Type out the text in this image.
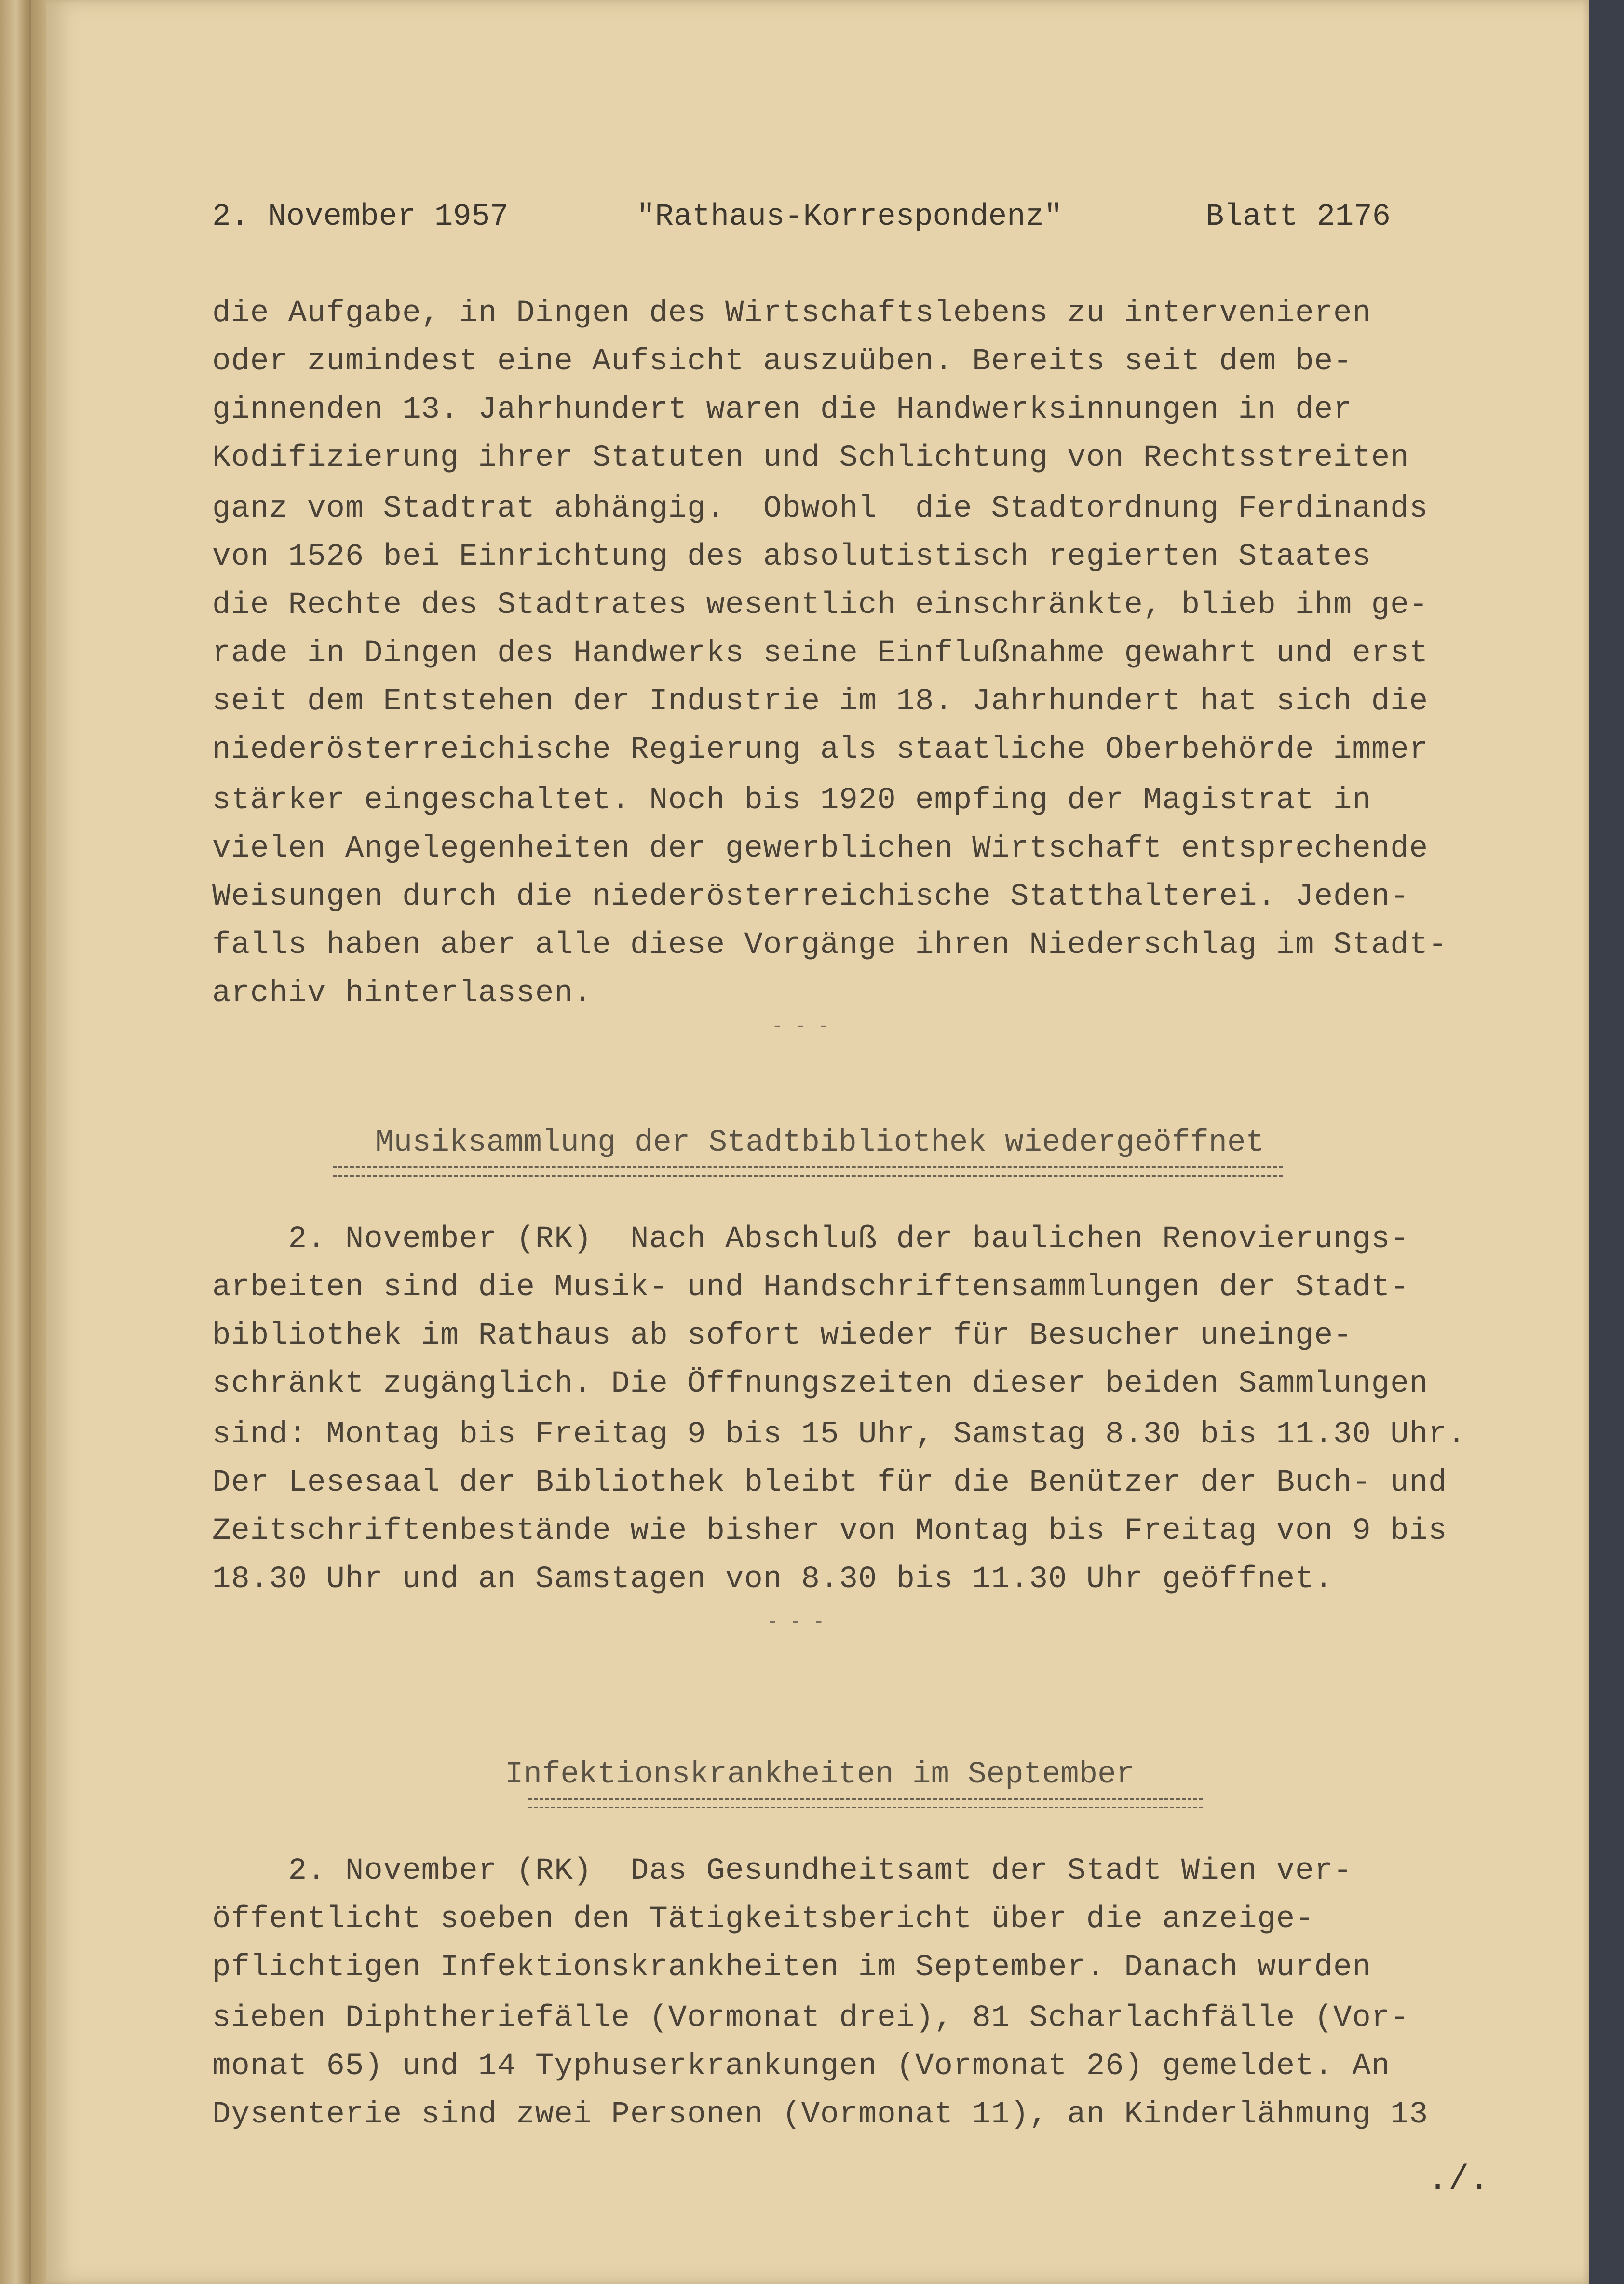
2. November 1957	"Rathaus-Korrespondenz"	Blatt 2176
die Aufgabe, in Dingen des Wirtschaftslebens zu intervenieren
oder zumindest eine Aufsicht auszuüben. Bereits seit dem be-
ginnenden 13. Jahrhundert waren die Handwerksinnungen in der
Kodifizierung ihrer Statuten und Schlichtung von Rechtsstreiten
ganz vom Stadtrat abhängig.  Obwohl  die Stadtordnung Ferdinands
von 1526 bei Einrichtung des absolutistisch regierten Staates
die Rechte des Stadtrates wesentlich einschränkte, blieb ihm ge-
rade in Dingen des Handwerks seine Einflußnahme gewahrt und erst
seit dem Entstehen der Industrie im 18. Jahrhundert hat sich die
niederösterreichische Regierung als staatliche Oberbehörde immer
stärker eingeschaltet. Noch bis 1920 empfing der Magistrat in
vielen Angelegenheiten der gewerblichen Wirtschaft entsprechende
Weisungen durch die niederösterreichische Statthalterei. Jeden-
falls haben aber alle diese Vorgänge ihren Niederschlag im Stadt-
archiv hinterlassen.
- - -
Musiksammlung der Stadtbibliothek wiedergeöffnet
2. November (RK)  Nach Abschluß der baulichen Renovierungs-
arbeiten sind die Musik- und Handschriftensammlungen der Stadt-
bibliothek im Rathaus ab sofort wieder für Besucher uneinge-
schränkt zugänglich. Die Öffnungszeiten dieser beiden Sammlungen
sind: Montag bis Freitag 9 bis 15 Uhr, Samstag 8.30 bis 11.30 Uhr.
Der Lesesaal der Bibliothek bleibt für die Benützer der Buch- und
Zeitschriftenbestände wie bisher von Montag bis Freitag von 9 bis
18.30 Uhr und an Samstagen von 8.30 bis 11.30 Uhr geöffnet.
- - -
Infektionskrankheiten im September
2. November (RK)  Das Gesundheitsamt der Stadt Wien ver-
öffentlicht soeben den Tätigkeitsbericht über die anzeige-
pflichtigen Infektionskrankheiten im September. Danach wurden
sieben Diphtheriefälle (Vormonat drei), 81 Scharlachfälle (Vor-
monat 65) und 14 Typhuserkrankungen (Vormonat 26) gemeldet. An
Dysenterie sind zwei Personen (Vormonat 11), an Kinderlähmung 13
./.
